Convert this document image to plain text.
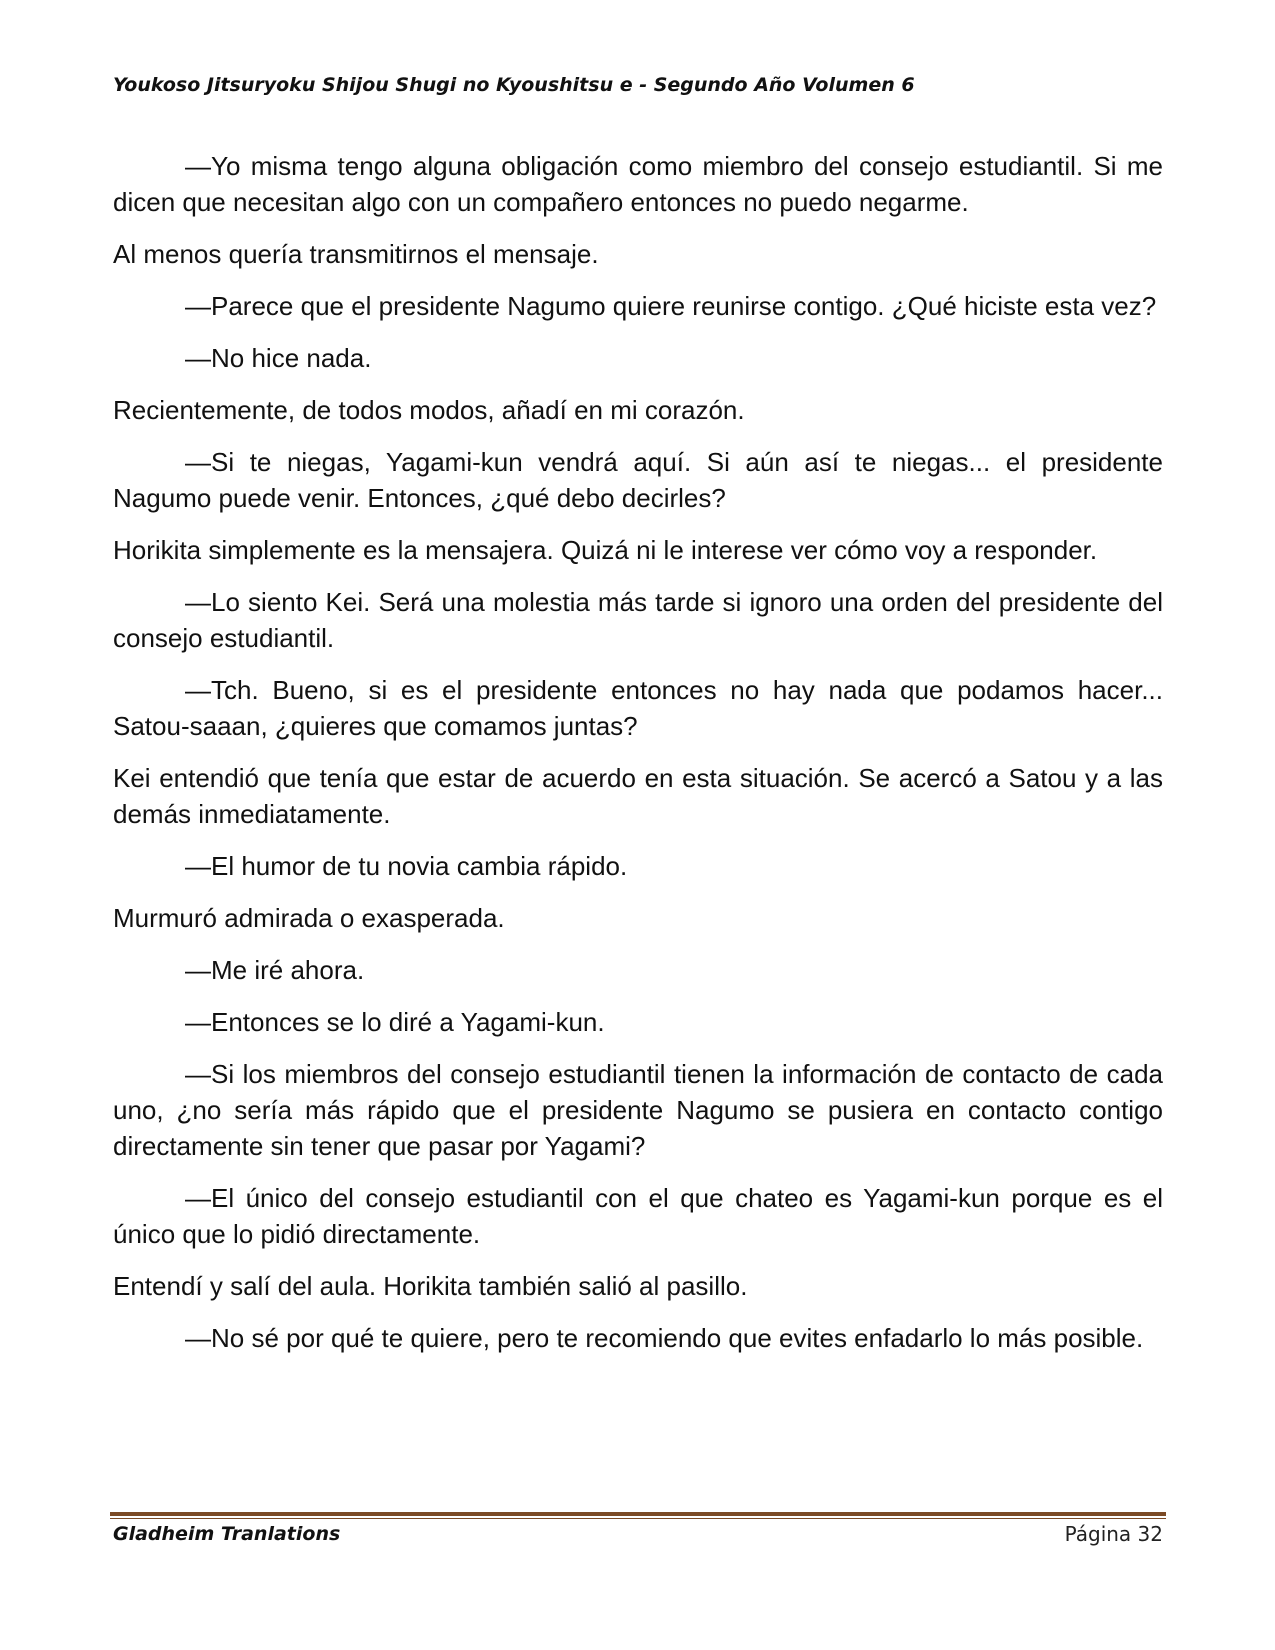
Youkoso Jitsuryoku Shijou Shugi no Kyoushitsu e - Segundo Año Volumen 6

—Yo misma tengo alguna obligación como miembro del consejo estudiantil. Si me dicen que necesitan algo con un compañero entonces no puedo negarme.

Al menos quería transmitirnos el mensaje.

—Parece que el presidente Nagumo quiere reunirse contigo. ¿Qué hiciste esta vez?

—No hice nada.

Recientemente, de todos modos, añadí en mi corazón.

—Si te niegas, Yagami-kun vendrá aquí. Si aún así te niegas... el presidente Nagumo puede venir. Entonces, ¿qué debo decirles?

Horikita simplemente es la mensajera. Quizá ni le interese ver cómo voy a responder.

—Lo siento Kei. Será una molestia más tarde si ignoro una orden del presidente del consejo estudiantil.

—Tch. Bueno, si es el presidente entonces no hay nada que podamos hacer... Satou-saaan, ¿quieres que comamos juntas?

Kei entendió que tenía que estar de acuerdo en esta situación. Se acercó a Satou y a las demás inmediatamente.

—El humor de tu novia cambia rápido.

Murmuró admirada o exasperada.

—Me iré ahora.

—Entonces se lo diré a Yagami-kun.

—Si los miembros del consejo estudiantil tienen la información de contacto de cada uno, ¿no sería más rápido que el presidente Nagumo se pusiera en contacto contigo directamente sin tener que pasar por Yagami?

—El único del consejo estudiantil con el que chateo es Yagami-kun porque es el único que lo pidió directamente.

Entendí y salí del aula. Horikita también salió al pasillo.

—No sé por qué te quiere, pero te recomiendo que evites enfadarlo lo más posible.

Gladheim Tranlations	Página 32
